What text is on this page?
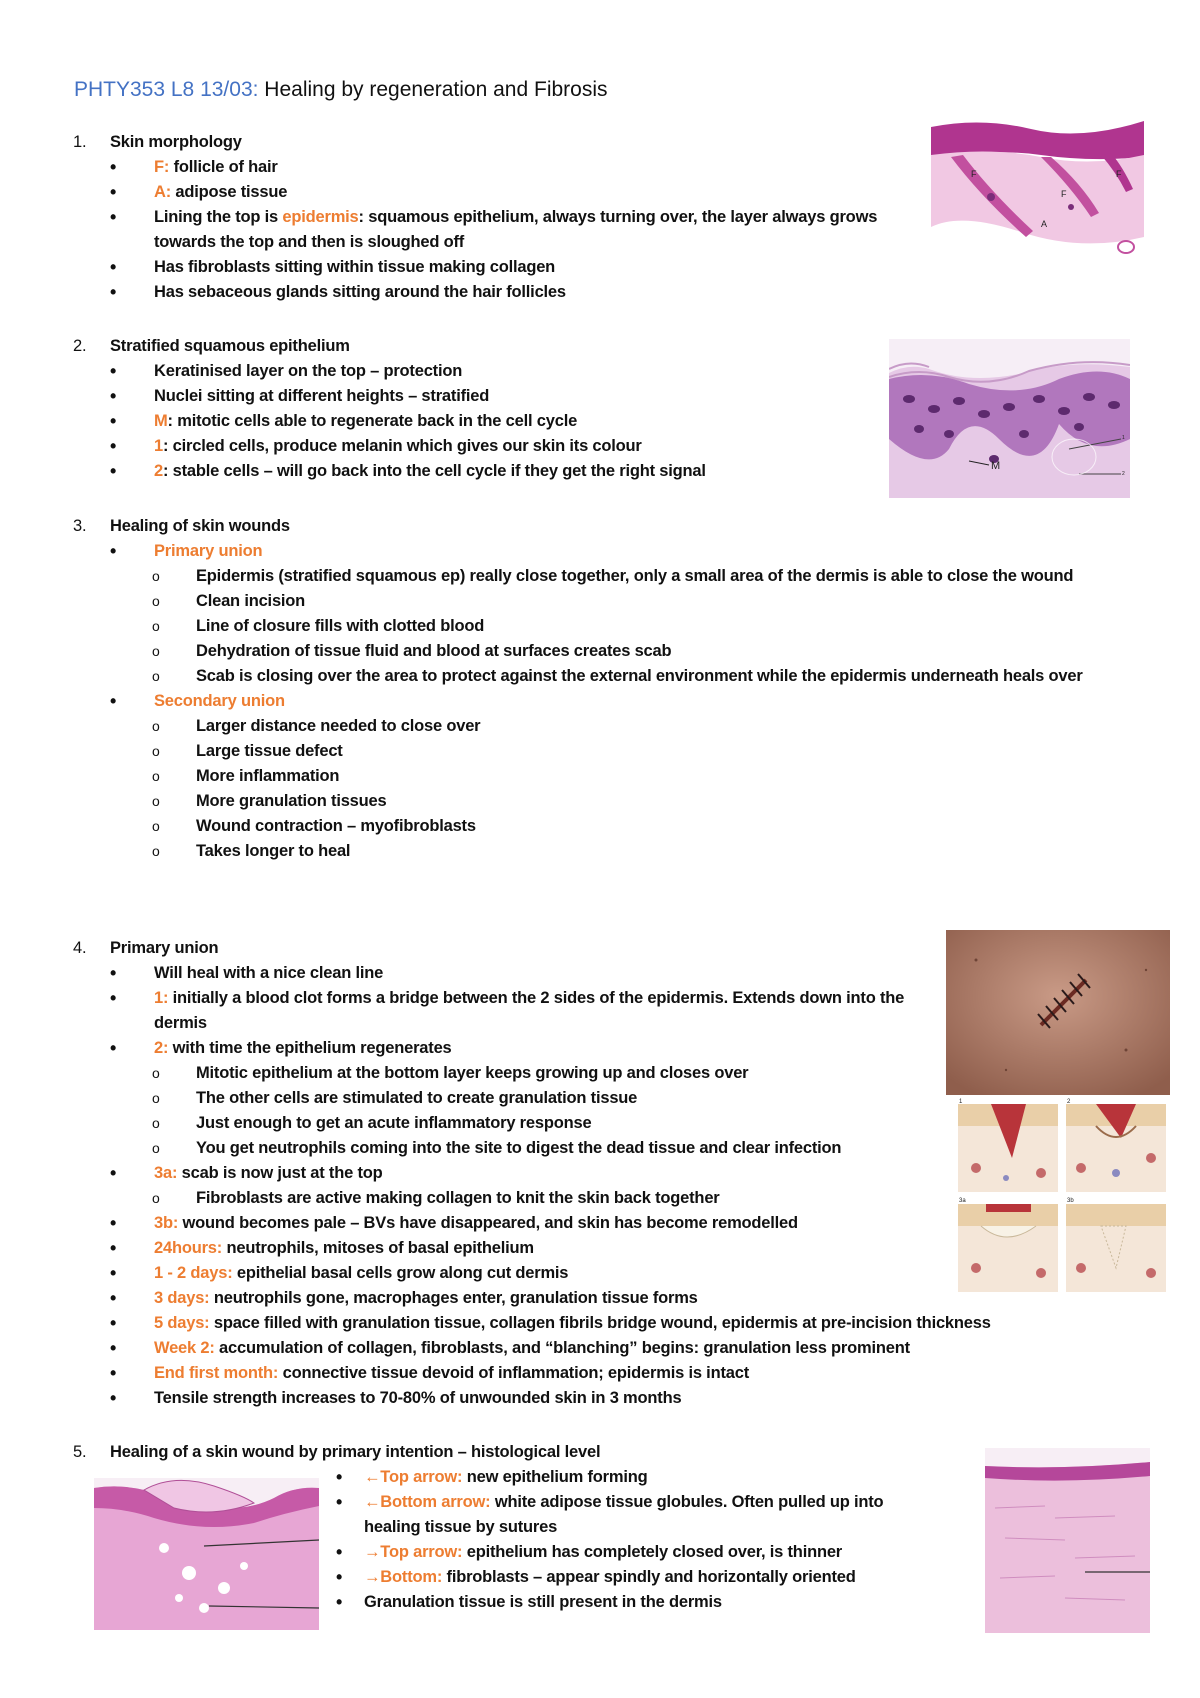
PHTY353 L8 13/03: Healing by regeneration and Fibrosis
1. Skin morphology
• F: follicle of hair
• A: adipose tissue
• Lining the top is epidermis: squamous epithelium, always turning over, the layer always grows towards the top and then is sloughed off
• Has fibroblasts sitting within tissue making collagen
• Has sebaceous glands sitting around the hair follicles
F
A
F
F
2. Stratified squamous epithelium
• Keratinised layer on the top – protection
• Nuclei sitting at different heights – stratified
• M: mitotic cells able to regenerate back in the cell cycle
• 1: circled cells, produce melanin which gives our skin its colour
• 2: stable cells – will go back into the cell cycle if they get the right signal	M
1
2
3. Healing of skin wounds
• Primary union
o Epidermis (stratified squamous ep) really close together, only a small area of the dermis is able to close the wound
o Clean incision
o Line of closure fills with clotted blood
o Dehydration of tissue fluid and blood at surfaces creates scab
o Scab is closing over the area to protect against the external environment while the epidermis underneath heals over
• Secondary union
o Larger distance needed to close over
o Large tissue defect
o More inflammation
o More granulation tissues
o Wound contraction – myofibroblasts
o Takes longer to heal
4. Primary union
• Will heal with a nice clean line
• 1: initially a blood clot forms a bridge between the 2 sides of the epidermis. Extends down into the dermis
• 2: with time the epithelium regenerates
o Mitotic epithelium at the bottom layer keeps growing up and closes over
o The other cells are stimulated to create granulation tissue
o Just enough to get an acute inflammatory response
o You get neutrophils coming into the site to digest the dead tissue and clear infection
• 3a: scab is now just at the top
o Fibroblasts are active making collagen to knit the skin back together
• 3b: wound becomes pale – BVs have disappeared, and skin has become remodelled
• 24hours: neutrophils, mitoses of basal epithelium
• 1 - 2 days: epithelial basal cells grow along cut dermis
• 3 days: neutrophils gone, macrophages enter, granulation tissue forms
• 5 days: space filled with granulation tissue, collagen fibrils bridge wound, epidermis at pre-incision thickness
• Week 2: accumulation of collagen, fibroblasts, and “blanching” begins: granulation less prominent
• End first month: connective tissue devoid of inflammation; epidermis is intact
• Tensile strength increases to 70-80% of unwounded skin in 3 months
1	2
3a	3b
5. Healing of a skin wound by primary intention – histological level
• ←Top arrow: new epithelium forming
• ←Bottom arrow: white adipose tissue globules. Often pulled up into healing tissue by sutures
• →Top arrow: epithelium has completely closed over, is thinner
• →Bottom: fibroblasts – appear spindly and horizontally oriented
• Granulation tissue is still present in the dermis
